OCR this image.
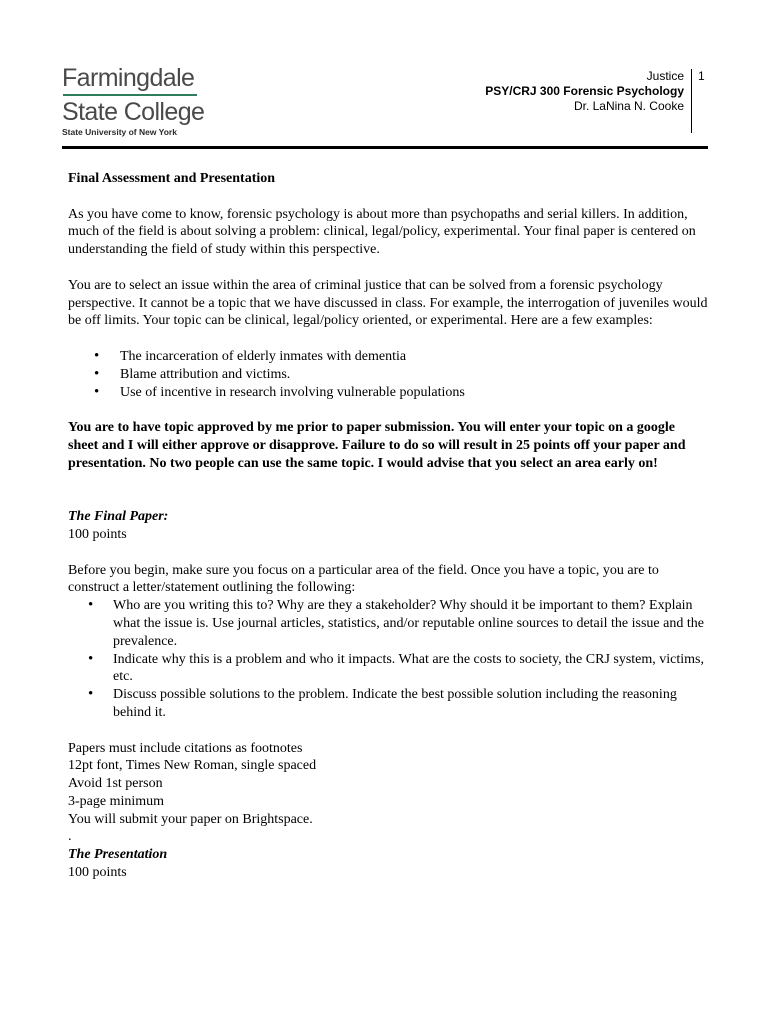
Farmingdale
State College
State University of New York
Justice
PSY/CRJ 300 Forensic Psychology
Dr. LaNina N. Cooke
1

Final Assessment and Presentation

As you have come to know, forensic psychology is about more than psychopaths and serial killers. In addition, much of the field is about solving a problem: clinical, legal/policy, experimental. Your final paper is centered on understanding the field of study within this perspective.

You are to select an issue within the area of criminal justice that can be solved from a forensic psychology perspective. It cannot be a topic that we have discussed in class. For example, the interrogation of juveniles would be off limits. Your topic can be clinical, legal/policy oriented, or experimental. Here are a few examples:

• The incarceration of elderly inmates with dementia
• Blame attribution and victims.
• Use of incentive in research involving vulnerable populations

You are to have topic approved by me prior to paper submission. You will enter your topic on a google sheet and I will either approve or disapprove. Failure to do so will result in 25 points off your paper and presentation. No two people can use the same topic. I would advise that you select an area early on!

The Final Paper:

100 points

Before you begin, make sure you focus on a particular area of the field. Once you have a topic, you are to construct a letter/statement outlining the following:

• Who are you writing this to? Why are they a stakeholder? Why should it be important to them? Explain what the issue is. Use journal articles, statistics, and/or reputable online sources to detail the issue and the prevalence.
• Indicate why this is a problem and who it impacts. What are the costs to society, the CRJ system, victims, etc.
• Discuss possible solutions to the problem. Indicate the best possible solution including the reasoning behind it.

Papers must include citations as footnotes

12pt font, Times New Roman, single spaced

Avoid 1st person

3-page minimum

You will submit your paper on Brightspace.

.

The Presentation

100 points
